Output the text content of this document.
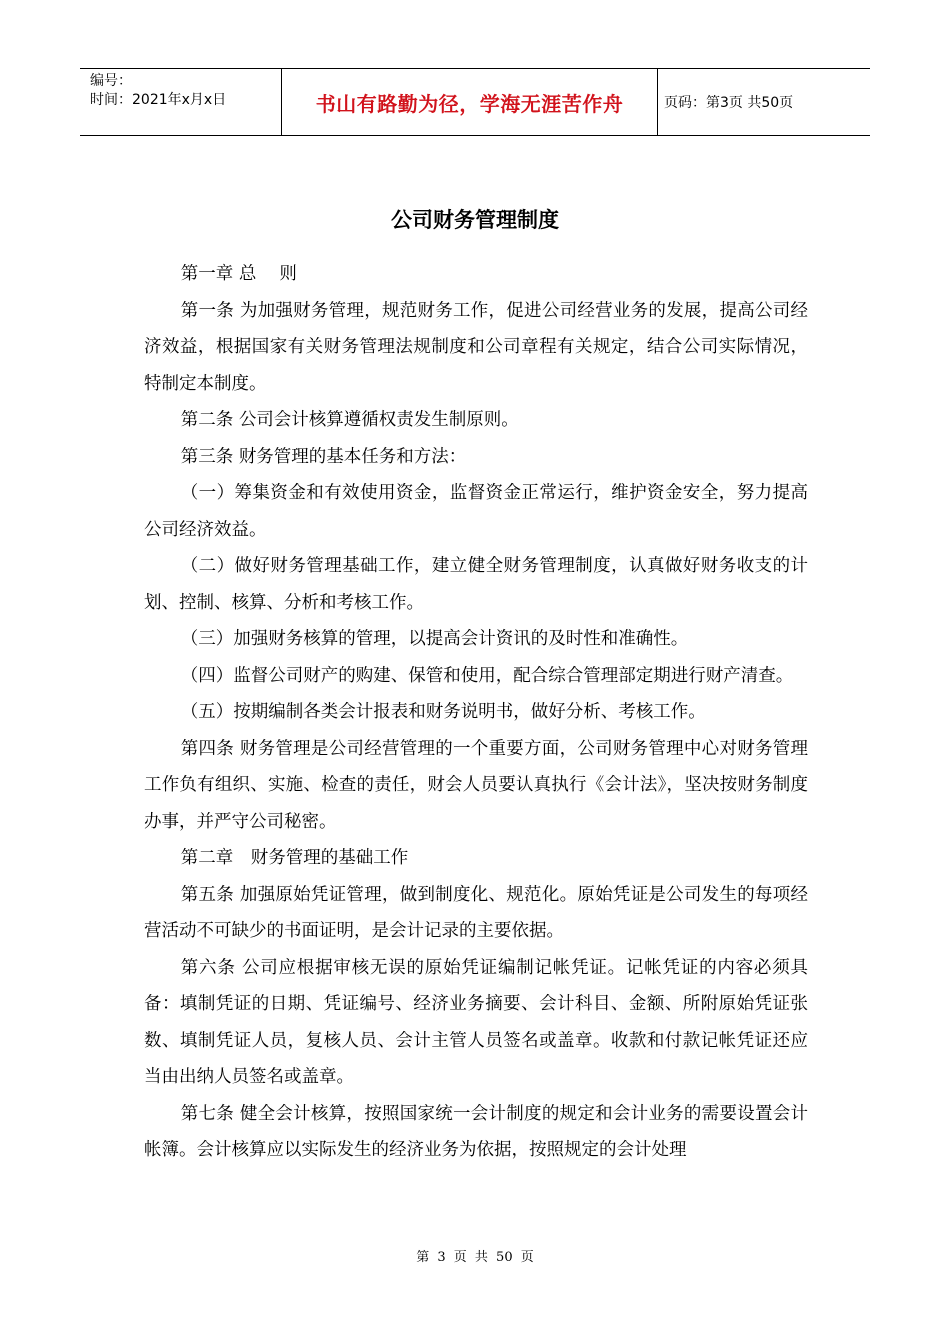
编号：
时间：2021年x月x日	书山有路勤为径，学海无涯苦作舟	页码：第3页 共50页
公司财务管理制度

第一章 总　 则

第一条 为加强财务管理，规范财务工作，促进公司经营业务的发展，提高公司经济效益，根据国家有关财务管理法规制度和公司章程有关规定，结合公司实际情况，特制定本制度。

第二条 公司会计核算遵循权责发生制原则。

第三条 财务管理的基本任务和方法：

（一）筹集资金和有效使用资金，监督资金正常运行，维护资金安全，努力提高公司经济效益。

（二）做好财务管理基础工作，建立健全财务管理制度，认真做好财务收支的计划、控制、核算、分析和考核工作。

（三）加强财务核算的管理，以提高会计资讯的及时性和准确性。

（四）监督公司财产的购建、保管和使用，配合综合管理部定期进行财产清查。

（五）按期编制各类会计报表和财务说明书，做好分析、考核工作。

第四条 财务管理是公司经营管理的一个重要方面，公司财务管理中心对财务管理工作负有组织、实施、检查的责任，财会人员要认真执行《会计法》，坚决按财务制度办事，并严守公司秘密。

第二章　财务管理的基础工作

第五条 加强原始凭证管理，做到制度化、规范化。原始凭证是公司发生的每项经营活动不可缺少的书面证明，是会计记录的主要依据。

第六条 公司应根据审核无误的原始凭证编制记帐凭证。记帐凭证的内容必须具备：填制凭证的日期、凭证编号、经济业务摘要、会计科目、金额、所附原始凭证张数、填制凭证人员，复核人员、会计主管人员签名或盖章。收款和付款记帐凭证还应当由出纳人员签名或盖章。

第七条 健全会计核算，按照国家统一会计制度的规定和会计业务的需要设置会计帐簿。会计核算应以实际发生的经济业务为依据，按照规定的会计处理

第 3 页 共 50 页
